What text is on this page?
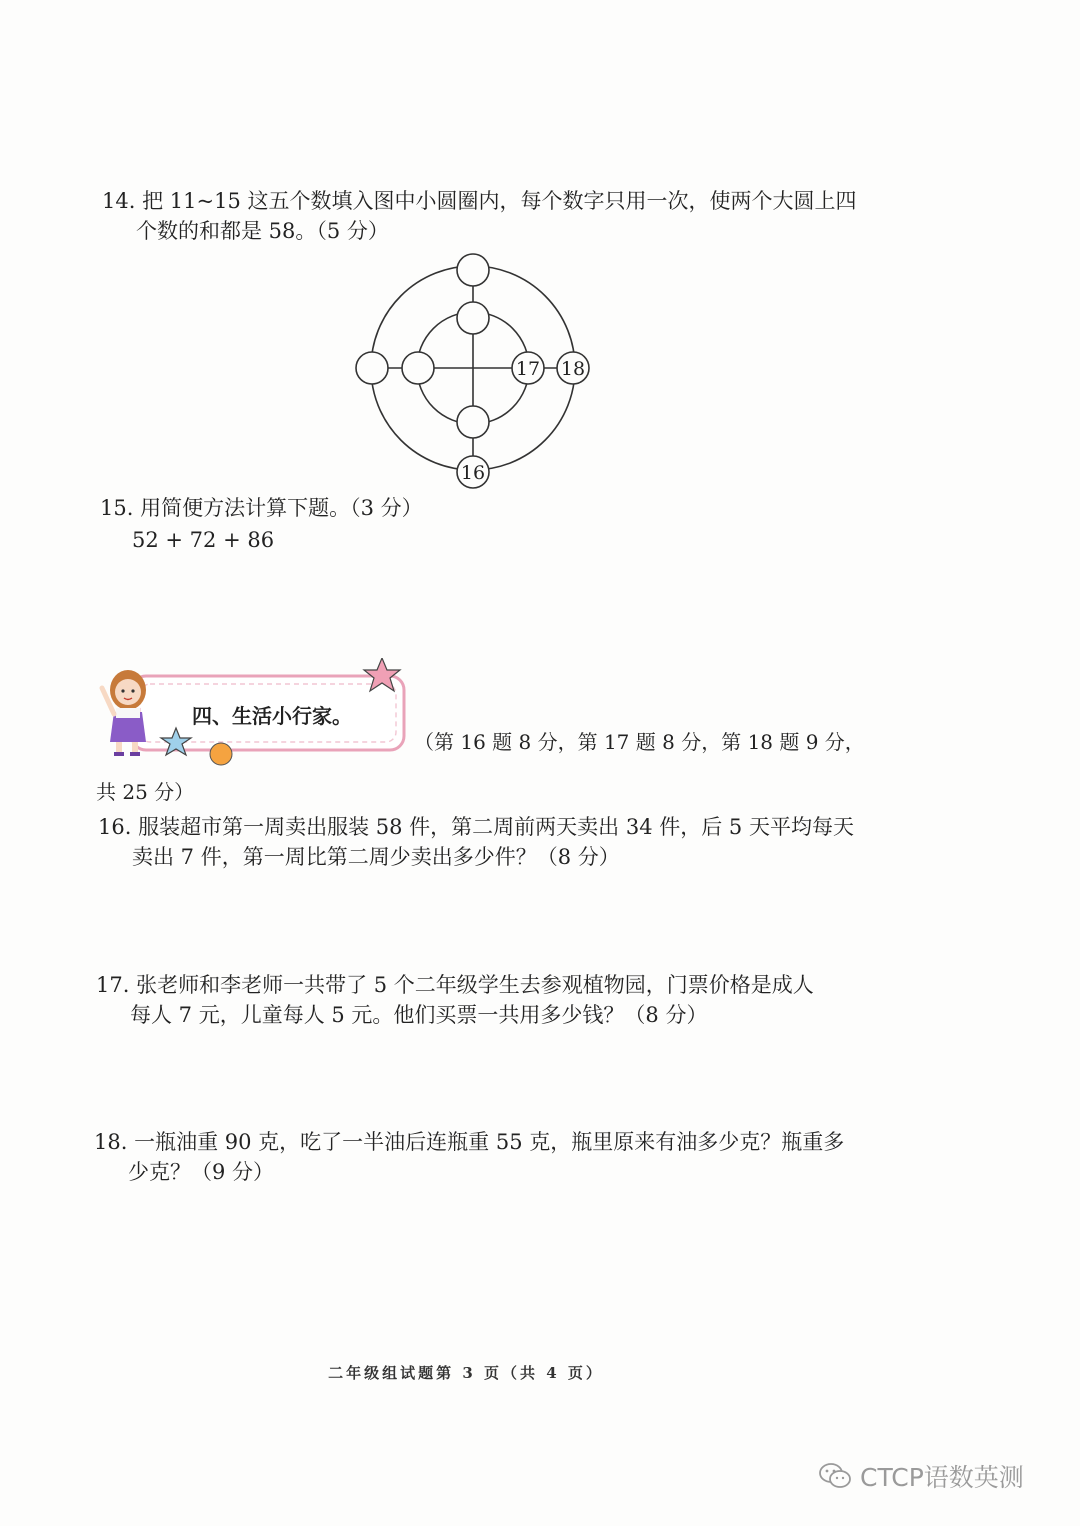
14. 把 11~15 这五个数填入图中小圆圈内，每个数字只用一次，使两个大圆上四
个数的和都是 58。（5 分）
17 18
16
15. 用简便方法计算下题。（3 分）
52 + 72 + 86
四、生活小行家。
（第 16 题 8 分，第 17 题 8 分，第 18 题 9 分，
共 25 分）
16. 服装超市第一周卖出服装 58 件，第二周前两天卖出 34 件，后 5 天平均每天
卖出 7 件，第一周比第二周少卖出多少件？（8 分）
17. 张老师和李老师一共带了 5 个二年级学生去参观植物园，门票价格是成人
每人 7 元，儿童每人 5 元。他们买票一共用多少钱？（8 分）
18. 一瓶油重 90 克，吃了一半油后连瓶重 55 克，瓶里原来有油多少克？瓶重多
少克？（9 分）
二年级组试题第 3 页（共 4 页）
CTCP语数英测
